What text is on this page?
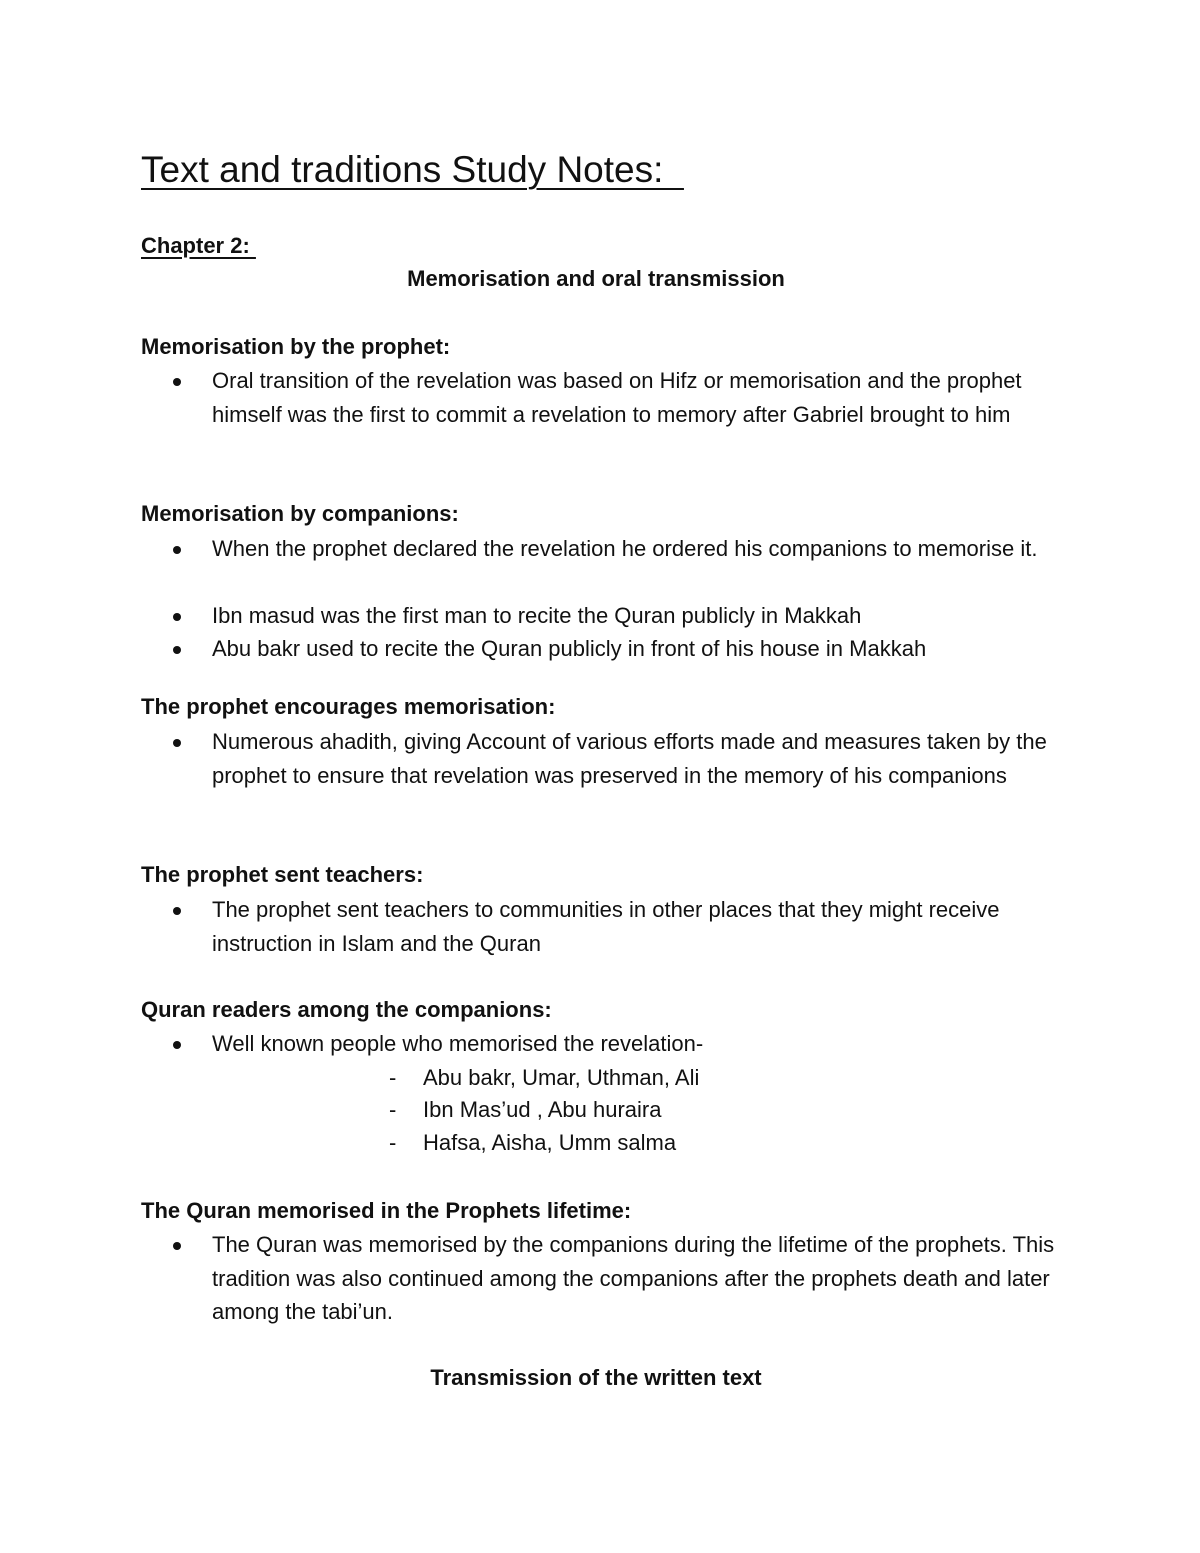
Text and traditions Study Notes:
Chapter 2:
Memorisation and oral transmission
Memorisation by the prophet:
Oral transition of the revelation was based on Hifz or memorisation and the prophet himself was the first to commit a revelation to memory after Gabriel brought to him
Memorisation by companions:
When the prophet declared the revelation he ordered his companions to memorise it.
Ibn masud was the first man to recite the Quran publicly in Makkah
Abu bakr used to recite the Quran publicly in front of his house in Makkah
The prophet encourages memorisation:
Numerous ahadith, giving Account of various efforts made and measures taken by the prophet to ensure that revelation was preserved in the memory of his companions
The prophet sent teachers:
The prophet sent teachers to communities in other places that they might receive instruction in Islam and the Quran
Quran readers among the companions:
Well known people who memorised the revelation-
-	Abu bakr, Umar, Uthman, Ali
-	Ibn Mas’ud , Abu huraira
-	Hafsa, Aisha, Umm salma
The Quran memorised in the Prophets lifetime:
The Quran was memorised by the companions during the lifetime of the prophets. This tradition was also continued among the companions after the prophets death and later among the tabi’un.
Transmission of the written text
